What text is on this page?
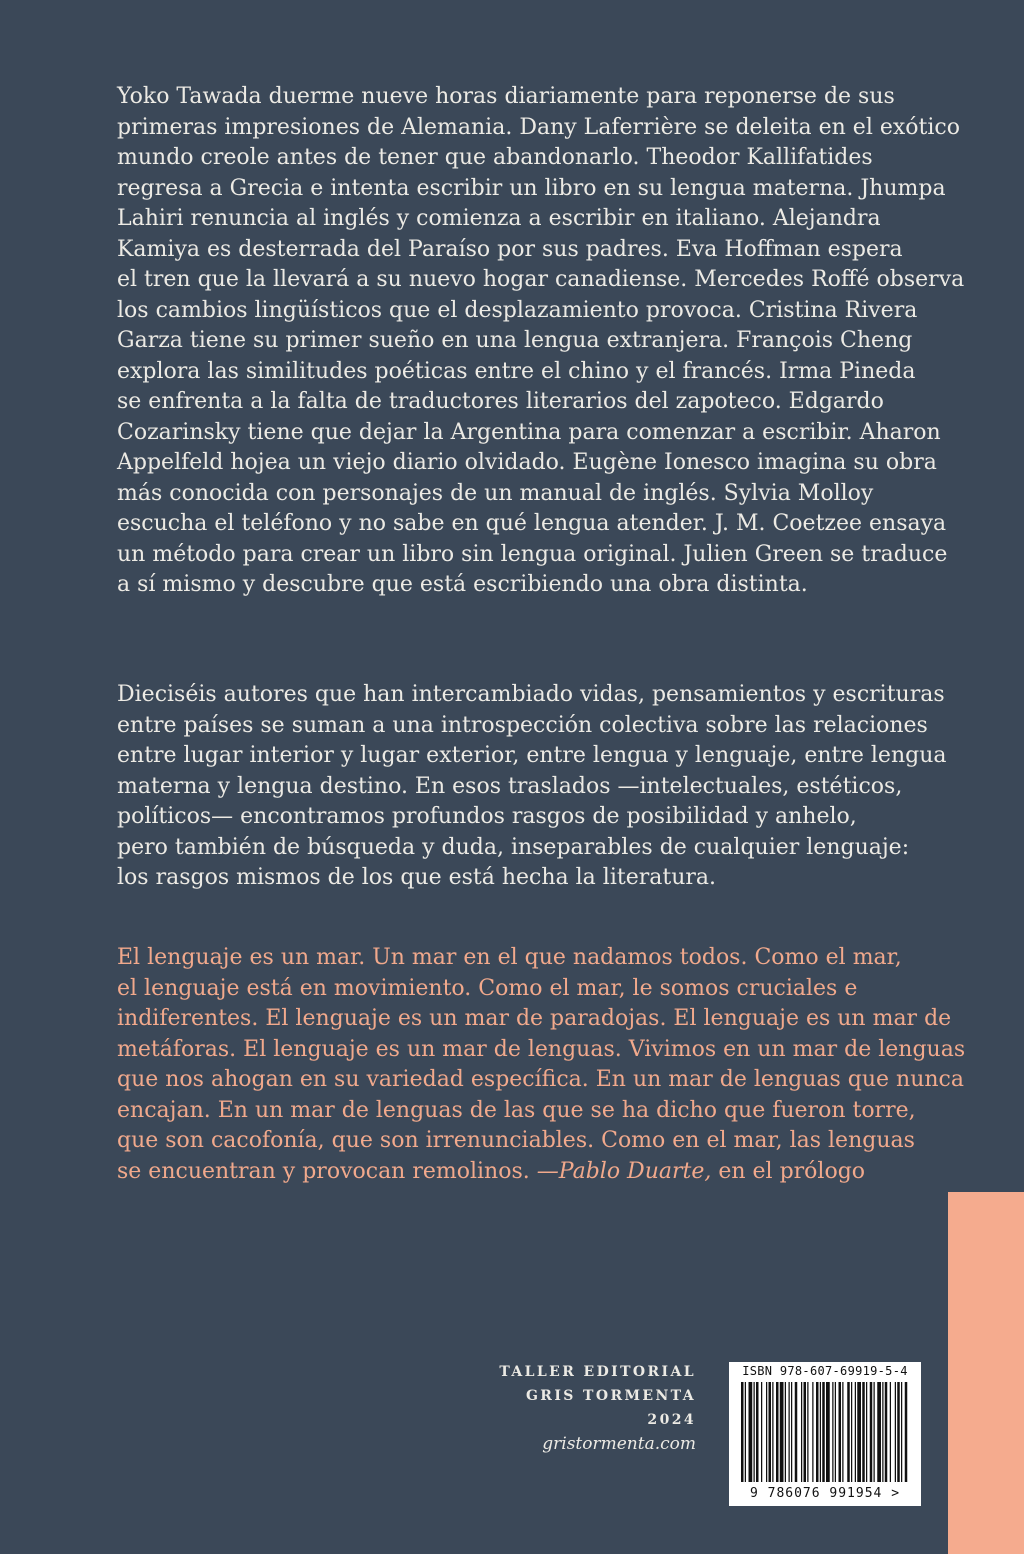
Yoko Tawada duerme nueve horas diariamente para reponerse de sus
primeras impresiones de Alemania. Dany Laferrière se deleita en el exótico
mundo creole antes de tener que abandonarlo. Theodor Kallifatides
regresa a Grecia e intenta escribir un libro en su lengua materna. Jhumpa
Lahiri renuncia al inglés y comienza a escribir en italiano. Alejandra
Kamiya es desterrada del Paraíso por sus padres. Eva Hoffman espera
el tren que la llevará a su nuevo hogar canadiense. Mercedes Roffé observa
los cambios lingüísticos que el desplazamiento provoca. Cristina Rivera
Garza tiene su primer sueño en una lengua extranjera. François Cheng
explora las similitudes poéticas entre el chino y el francés. Irma Pineda
se enfrenta a la falta de traductores literarios del zapoteco. Edgardo
Cozarinsky tiene que dejar la Argentina para comenzar a escribir. Aharon
Appelfeld hojea un viejo diario olvidado. Eugène Ionesco imagina su obra
más conocida con personajes de un manual de inglés. Sylvia Molloy
escucha el teléfono y no sabe en qué lengua atender. J. M. Coetzee ensaya
un método para crear un libro sin lengua original. Julien Green se traduce
a sí mismo y descubre que está escribiendo una obra distinta.
Dieciséis autores que han intercambiado vidas, pensamientos y escrituras
entre países se suman a una introspección colectiva sobre las relaciones
entre lugar interior y lugar exterior, entre lengua y lenguaje, entre lengua
materna y lengua destino. En esos traslados —intelectuales, estéticos,
políticos— encontramos profundos rasgos de posibilidad y anhelo,
pero también de búsqueda y duda, inseparables de cualquier lenguaje:
los rasgos mismos de los que está hecha la literatura.
El lenguaje es un mar. Un mar en el que nadamos todos. Como el mar,
el lenguaje está en movimiento. Como el mar, le somos cruciales e
indiferentes. El lenguaje es un mar de paradojas. El lenguaje es un mar de
metáforas. El lenguaje es un mar de lenguas. Vivimos en un mar de lenguas
que nos ahogan en su variedad específica. En un mar de lenguas que nunca
encajan. En un mar de lenguas de las que se ha dicho que fueron torre,
que son cacofonía, que son irrenunciables. Como en el mar, las lenguas
se encuentran y provocan remolinos. —Pablo Duarte, en el prólogo
TALLER EDITORIAL
GRIS TORMENTA
2024
gristormenta.com
ISBN 978-607-69919-5-4
9 786076 991954 >
